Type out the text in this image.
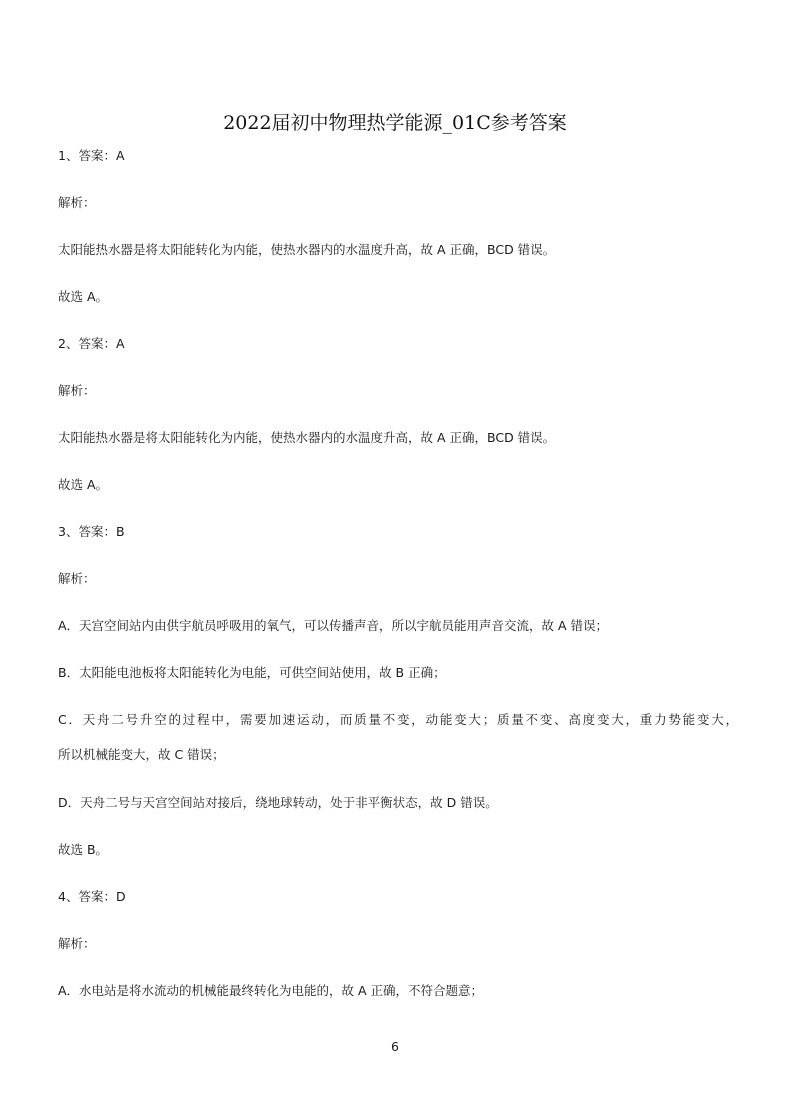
2022届初中物理热学能源_01C参考答案
1、答案：A
解析：
太阳能热水器是将太阳能转化为内能，使热水器内的水温度升高，故 A 正确，BCD 错误。
故选 A。
2、答案：A
解析：
太阳能热水器是将太阳能转化为内能，使热水器内的水温度升高，故 A 正确，BCD 错误。
故选 A。
3、答案：B
解析：
A．天宫空间站内由供宇航员呼吸用的氧气，可以传播声音，所以宇航员能用声音交流，故 A 错误；
B．太阳能电池板将太阳能转化为电能，可供空间站使用，故 B 正确；
C．天舟二号升空的过程中，需要加速运动，而质量不变，动能变大；质量不变、高度变大，重力势能变大，
所以机械能变大，故 C 错误；
D．天舟二号与天宫空间站对接后，绕地球转动，处于非平衡状态，故 D 错误。
故选 B。
4、答案：D
解析：
A．水电站是将水流动的机械能最终转化为电能的，故 A 正确，不符合题意；
6
